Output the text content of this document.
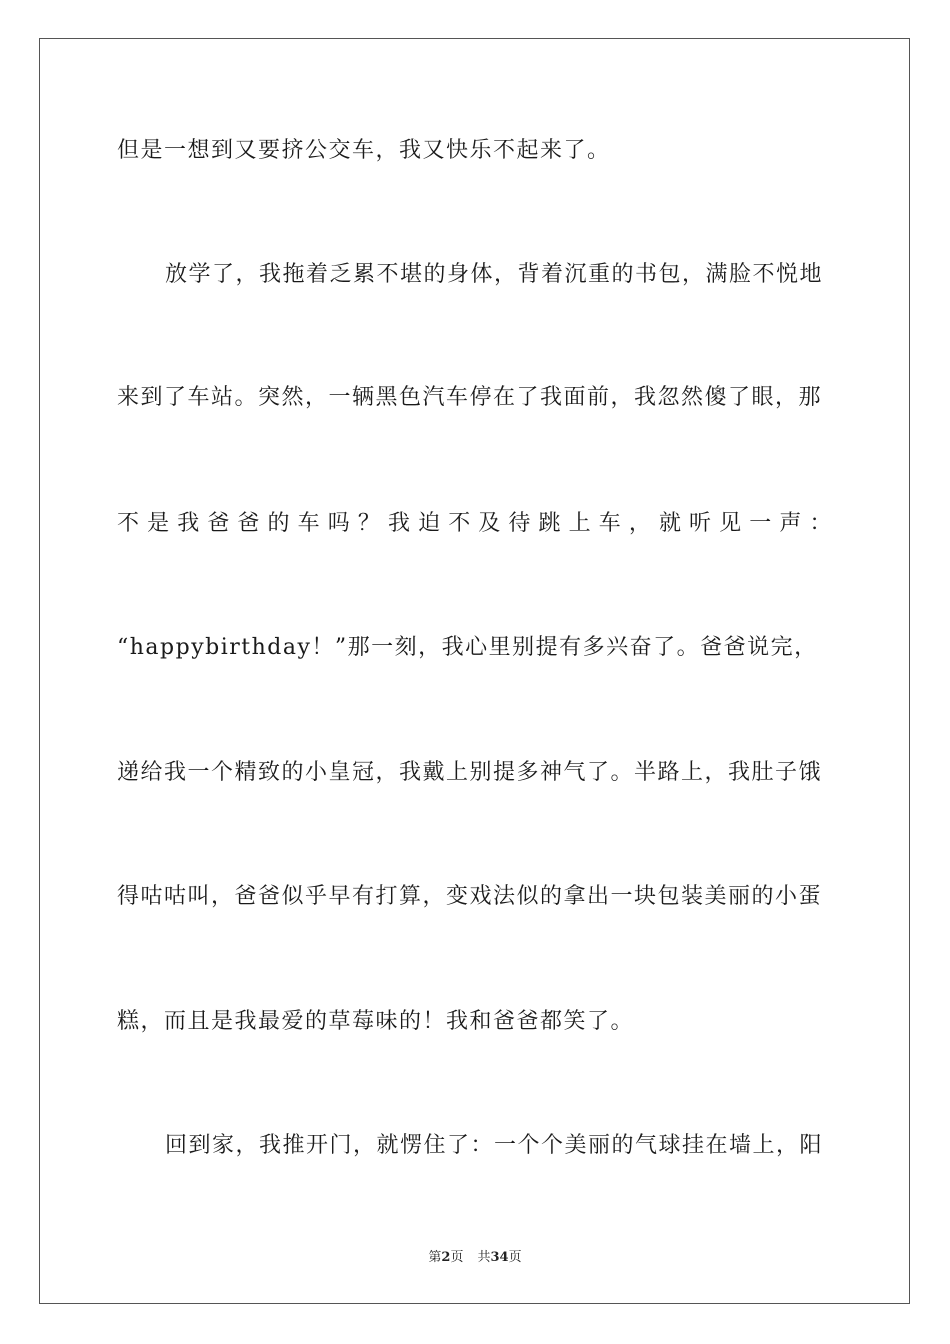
但是一想到又要挤公交车，我又快乐不起来了。
放学了，我拖着乏累不堪的身体，背着沉重的书包，满脸不悦地
来到了车站。突然，一辆黑色汽车停在了我面前，我忽然傻了眼，那
不是我爸爸的车吗？我迫不及待跳上车，就听见一声：
“happybirthday！”那一刻，我心里别提有多兴奋了。爸爸说完，
递给我一个精致的小皇冠，我戴上别提多神气了。半路上，我肚子饿
得咕咕叫，爸爸似乎早有打算，变戏法似的拿出一块包装美丽的小蛋
糕，而且是我最爱的草莓味的！我和爸爸都笑了。
回到家，我推开门，就愣住了：一个个美丽的气球挂在墙上，阳
第2页 共34页
